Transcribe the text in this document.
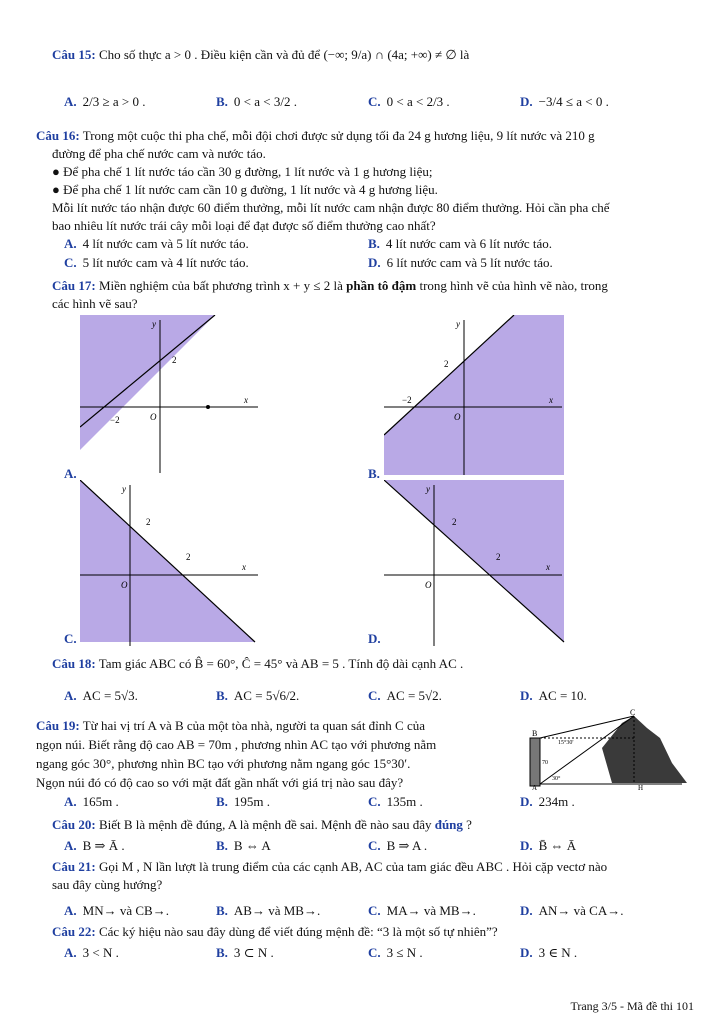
Câu 15: Cho số thực a > 0 . Điều kiện cần và đủ để (−∞; 9/a) ∩ (4a; +∞) ≠ ∅ là
A. 2/3 ≥ a > 0 .	B. 0 < a < 3/2 .	C. 0 < a < 2/3 .	D. −3/4 ≤ a < 0 .
Câu 16: Trong một cuộc thi pha chế, mỗi đội chơi được sử dụng tối đa 24 g hương liệu, 9 lít nước và 210 g
đường để pha chế nước cam và nước táo.
● Để pha chế 1 lít nước táo cần 30 g đường, 1 lít nước và 1 g hương liệu;
● Để pha chế 1 lít nước cam cần 10 g đường, 1 lít nước và 4 g hương liệu.
Mỗi lít nước táo nhận được 60 điểm thưởng, mỗi lít nước cam nhận được 80 điểm thưởng. Hỏi cần pha chế
bao nhiêu lít nước trái cây mỗi loại để đạt được số điểm thưởng cao nhất?
A. 4 lít nước cam và 5 lít nước táo.	B. 4 lít nước cam và 6 lít nước táo.
C. 5 lít nước cam và 4 lít nước táo.	D. 6 lít nước cam và 5 lít nước táo.
Câu 17: Miền nghiệm của bất phương trình x + y ≤ 2 là phần tô đậm trong hình vẽ của hình vẽ nào, trong
các hình vẽ sau?
y
2
−2	O
x
A.
y
2
−2
O
x
B.
y
2
2
O
x
C.
y
2
2
O
x
D.
Câu 18: Tam giác ABC có B̂ = 60°, Ĉ = 45° và AB = 5 . Tính độ dài cạnh AC .
A. AC = 5√3.	B. AC = 5√6/2.	C. AC = 5√2.	D. AC = 10.
Câu 19: Từ hai vị trí A và B của một tòa nhà, người ta quan sát đỉnh C của
ngọn núi. Biết rằng độ cao AB = 70m , phương nhìn AC tạo với phương nằm
ngang góc 30°, phương nhìn BC tạo với phương nằm ngang góc 15°30′.
Ngọn núi đó có độ cao so với mặt đất gần nhất với giá trị nào sau đây?
C
B
A	H
15°30'
70
30°
A. 165m .	B. 195m .	C. 135m .	D. 234m .
Câu 20: Biết B là mệnh đề đúng, A là mệnh đề sai. Mệnh đề nào sau đây đúng ?
A. B ⇒ Ā .	B. B ⇔ A	C. B ⇒ A .	D. B̄ ⇔ Ā
Câu 21: Gọi M , N lần lượt là trung điểm của các cạnh AB, AC của tam giác đều ABC . Hỏi cặp vectơ nào
sau đây cùng hướng?
A. MN→ và CB→.	B. AB→ và MB→.	C. MA→ và MB→.	D. AN→ và CA→.
Câu 22: Các ký hiệu nào sau đây dùng để viết đúng mệnh đề: “3 là một số tự nhiên”?
A. 3 < N .	B. 3 ⊂ N .	C. 3 ≤ N .	D. 3 ∈ N .
Trang 3/5 - Mã đề thi 101
